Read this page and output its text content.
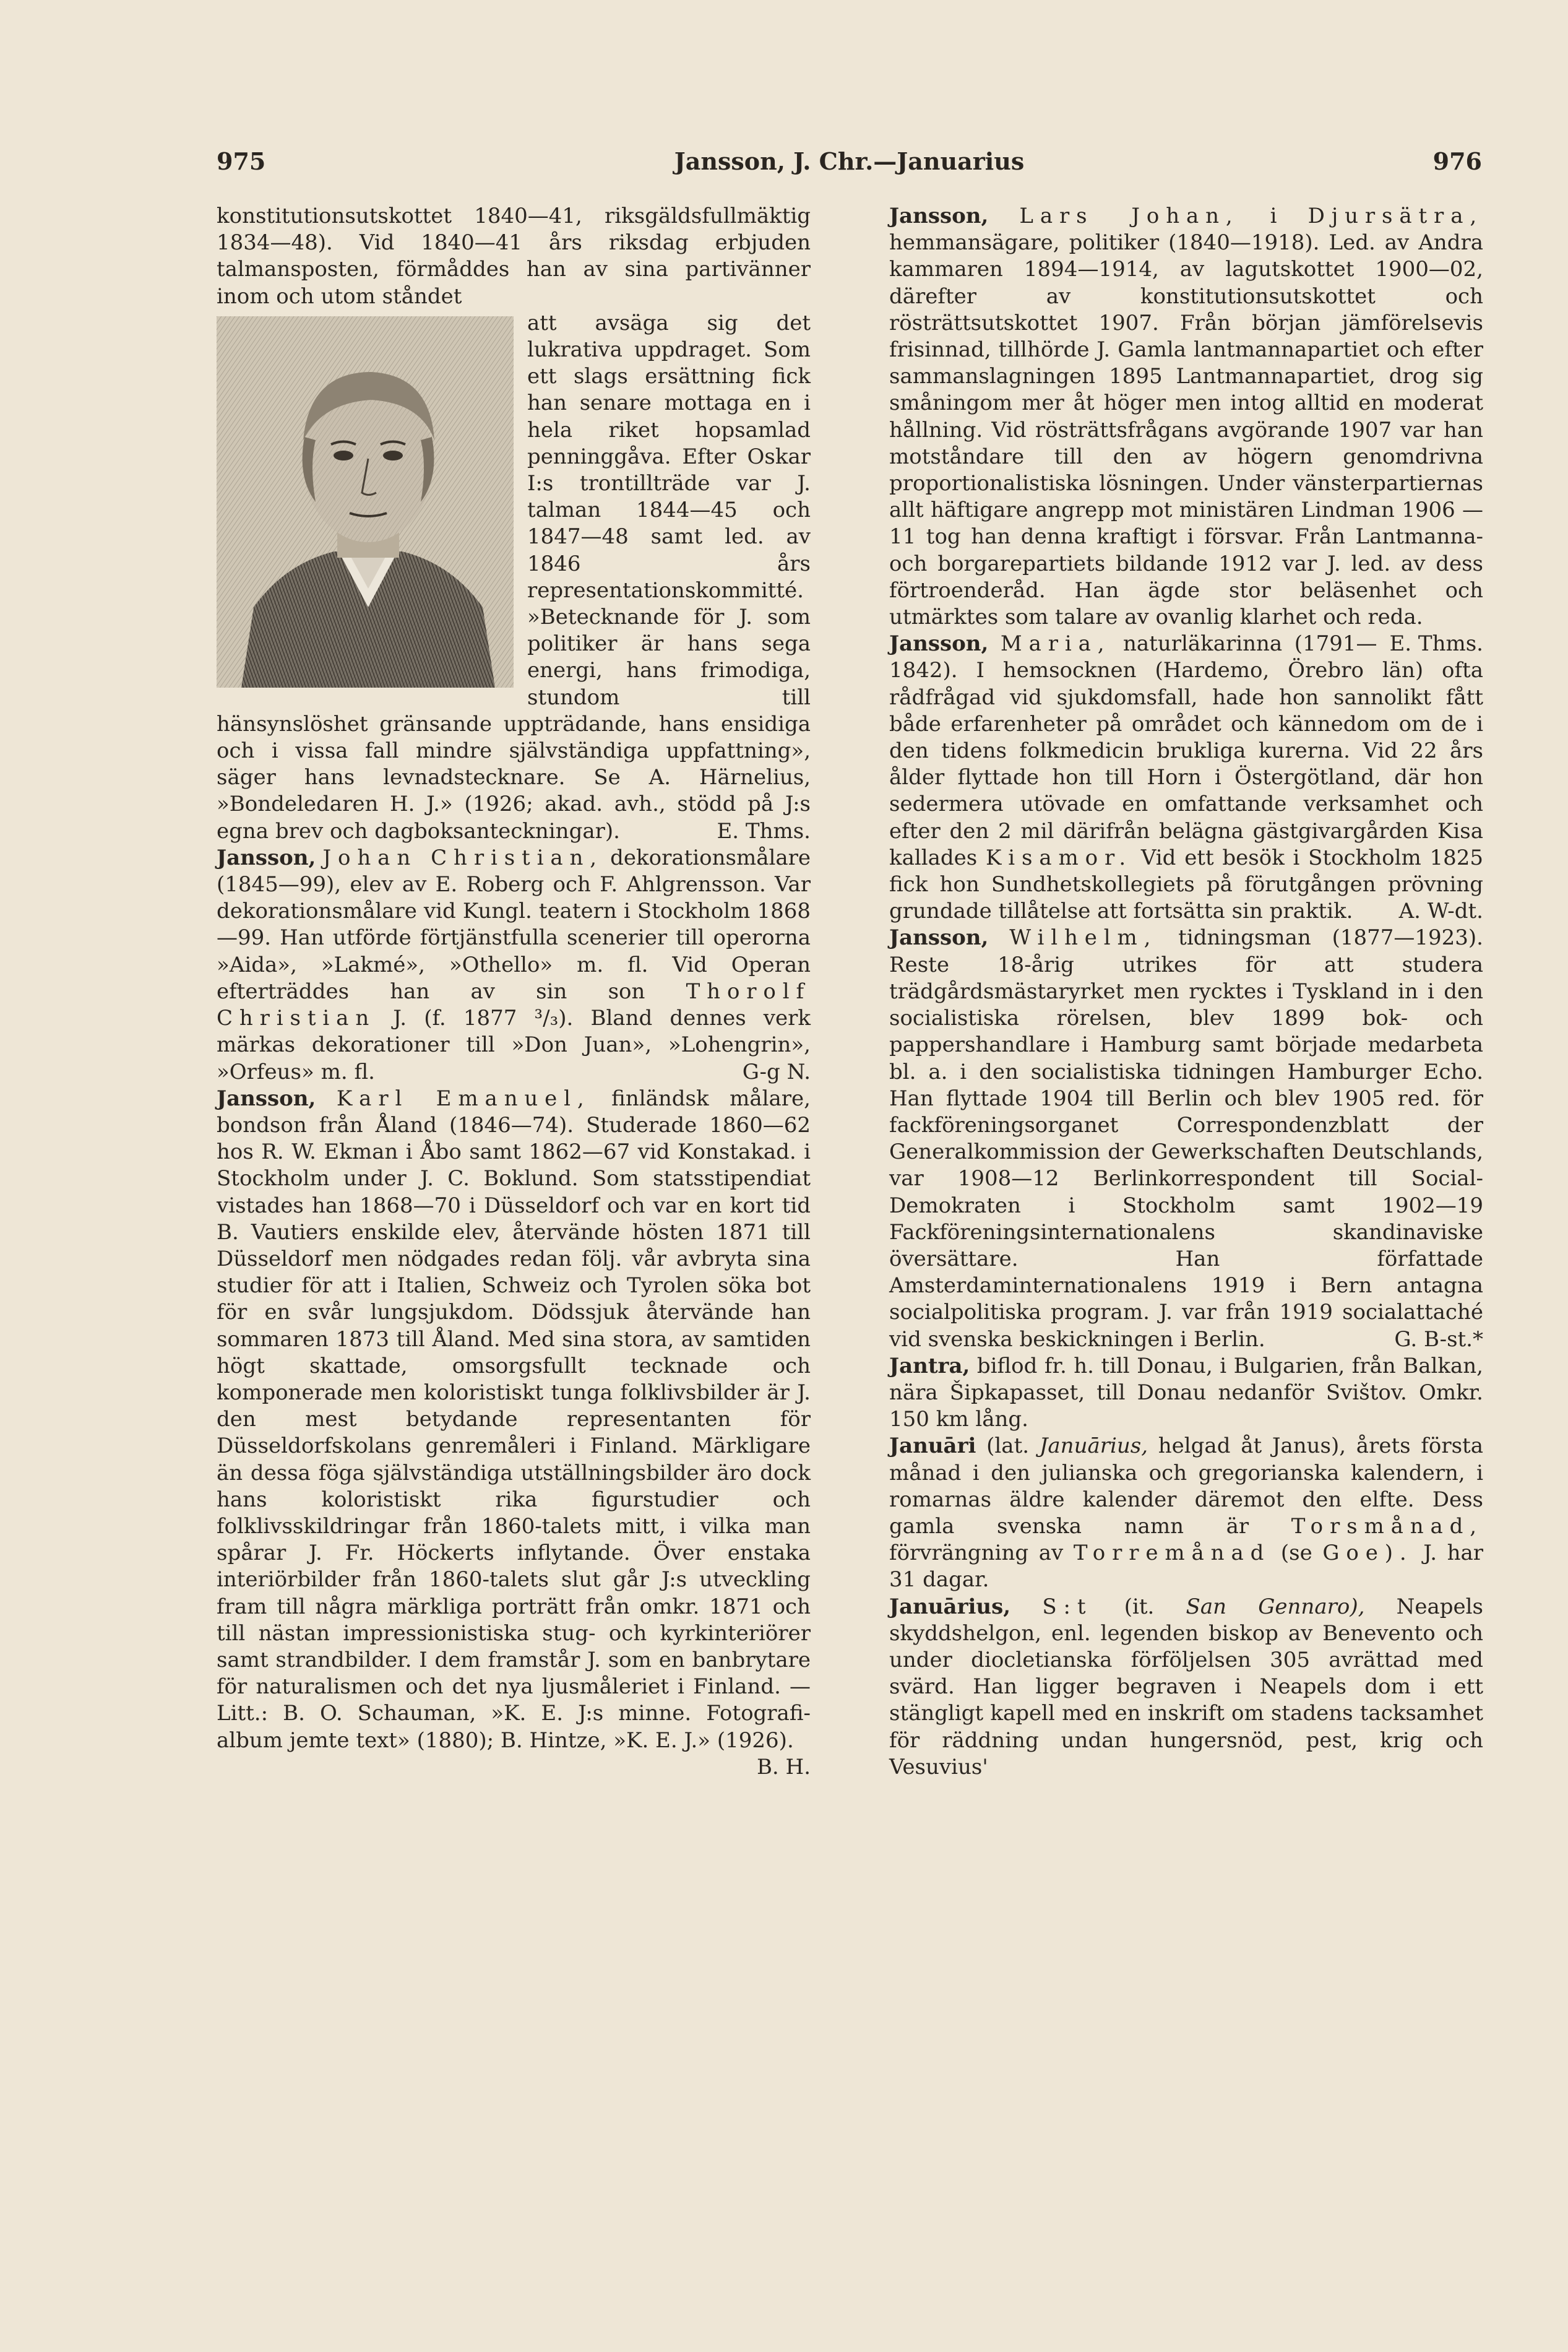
975	Jansson, J. Chr.—Januarius	976

konstitutionsutskottet 1840—41, riksgäldsfullmäktig 1834—48). Vid 1840—41 års riksdag erbjuden talmansposten, förmåddes han av sina partivänner inom och utom ståndet

att avsäga sig det lukrativa uppdraget. Som ett slags ersättning fick han senare mottaga en i hela riket hopsamlad penninggåva. Efter Oskar I:s trontillträde var J. talman 1844—45 och 1847—48 samt led. av 1846 års representationskommitté. »Betecknande för J. som politiker är hans sega energi, hans frimodiga, stundom till hänsynslöshet gränsande uppträdande, hans ensidiga och i vissa fall mindre självständiga uppfattning», säger hans levnadstecknare. Se A. Härnelius, »Bondeledaren H. J.» (1926; akad. avh., stödd på J:s egna brev och dagboksanteckningar).	E. Thms.

Jansson, Johan Christian, dekorationsmålare (1845—99), elev av E. Roberg och F. Ahlgrensson. Var dekorationsmålare vid Kungl. teatern i Stockholm 1868—99. Han utförde förtjänstfulla scenerier till operorna »Aida», »Lakmé», »Othello» m. fl. Vid Operan efterträddes han av sin son Thorolf Christian J. (f. 1877 ³/₃). Bland dennes verk märkas dekorationer till »Don Juan», »Lohengrin», »Orfeus» m. fl.	G-g N.

Jansson, Karl Emanuel, finländsk målare, bondson från Åland (1846—74). Studerade 1860—62 hos R. W. Ekman i Åbo samt 1862—67 vid Konstakad. i Stockholm under J. C. Boklund. Som statsstipendiat vistades han 1868—70 i Düsseldorf och var en kort tid B. Vautiers enskilde elev, återvände hösten 1871 till Düsseldorf men nödgades redan följ. vår avbryta sina studier för att i Italien, Schweiz och Tyrolen söka bot för en svår lungsjukdom. Dödssjuk återvände han sommaren 1873 till Åland. Med sina stora, av samtiden högt skattade, omsorgsfullt tecknade och komponerade men koloristiskt tunga folklivsbilder är J. den mest betydande representanten för Düsseldorfskolans genremåleri i Finland. Märkligare än dessa föga självständiga utställningsbilder äro dock hans koloristiskt rika figurstudier och folklivsskildringar från 1860-talets mitt, i vilka man spårar J. Fr. Höckerts inflytande. Över enstaka interiörbilder från 1860-talets slut går J:s utveckling fram till några märkliga porträtt från omkr. 1871 och till nästan impressionistiska stug- och kyrkinteriörer samt strandbilder. I dem framstår J. som en banbrytare för naturalismen och det nya ljusmåleriet i Finland. — Litt.: B. O. Schauman, »K. E. J:s minne. Fotografi-album jemte text» (1880); B. Hintze, »K. E. J.» (1926).
B. H.

Jansson, Lars Johan, i Djursätra, hemmansägare, politiker (1840—1918). Led. av Andra kammaren 1894—1914, av lagutskottet 1900—02, därefter av konstitutionsutskottet och rösträttsutskottet 1907. Från början jämförelsevis frisinnad, tillhörde J. Gamla lantmannapartiet och efter sammanslagningen 1895 Lantmannapartiet, drog sig småningom mer åt höger men intog alltid en moderat hållning. Vid rösträttsfrågans avgörande 1907 var han motståndare till den av högern genomdrivna proportionalistiska lösningen. Under vänsterpartiernas allt häftigare angrepp mot ministären Lindman 1906 —11 tog han denna kraftigt i försvar. Från Lantmanna- och borgarepartiets bildande 1912 var J. led. av dess förtroenderåd. Han ägde stor beläsenhet och utmärktes som talare av ovanlig klarhet och reda.
E. Thms.

Jansson, Maria, naturläkarinna (1791—1842). I hemsocknen (Hardemo, Örebro län) ofta rådfrågad vid sjukdomsfall, hade hon sannolikt fått både erfarenheter på området och kännedom om de i den tidens folkmedicin brukliga kurerna. Vid 22 års ålder flyttade hon till Horn i Östergötland, där hon sedermera utövade en omfattande verksamhet och efter den 2 mil därifrån belägna gästgivargården Kisa kallades Kisamor. Vid ett besök i Stockholm 1825 fick hon Sundhetskollegiets på förutgången prövning grundade tillåtelse att fortsätta sin praktik.	A. W-dt.

Jansson, Wilhelm, tidningsman (1877—1923). Reste 18-årig utrikes för att studera trädgårdsmästaryrket men rycktes i Tyskland in i den socialistiska rörelsen, blev 1899 bok- och pappershandlare i Hamburg samt började medarbeta bl. a. i den socialistiska tidningen Hamburger Echo. Han flyttade 1904 till Berlin och blev 1905 red. för fackföreningsorganet Correspondenzblatt der Generalkommission der Gewerkschaften Deutschlands, var 1908—12 Berlinkorrespondent till Social-Demokraten i Stockholm samt 1902—19 Fackföreningsinternationalens skandinaviske översättare. Han författade Amsterdaminternationalens 1919 i Bern antagna socialpolitiska program. J. var från 1919 socialattaché vid svenska beskickningen i Berlin.	G. B-st.*

Jantra, biflod fr. h. till Donau, i Bulgarien, från Balkan, nära Šipkapasset, till Donau nedanför Svištov. Omkr. 150 km lång.

Januāri (lat. Januārius, helgad åt Janus), årets första månad i den julianska och gregorianska kalendern, i romarnas äldre kalender däremot den elfte. Dess gamla svenska namn är Torsmånad, förvrängning av Torremånad (se Goe). J. har 31 dagar.

Januārius, S:t (it. San Gennaro), Neapels skyddshelgon, enl. legenden biskop av Benevento och under diocletianska förföljelsen 305 avrättad med svärd. Han ligger begraven i Neapels dom i ett stängligt kapell med en inskrift om stadens tacksamhet för räddning undan hungersnöd, pest, krig och Vesuvius'
